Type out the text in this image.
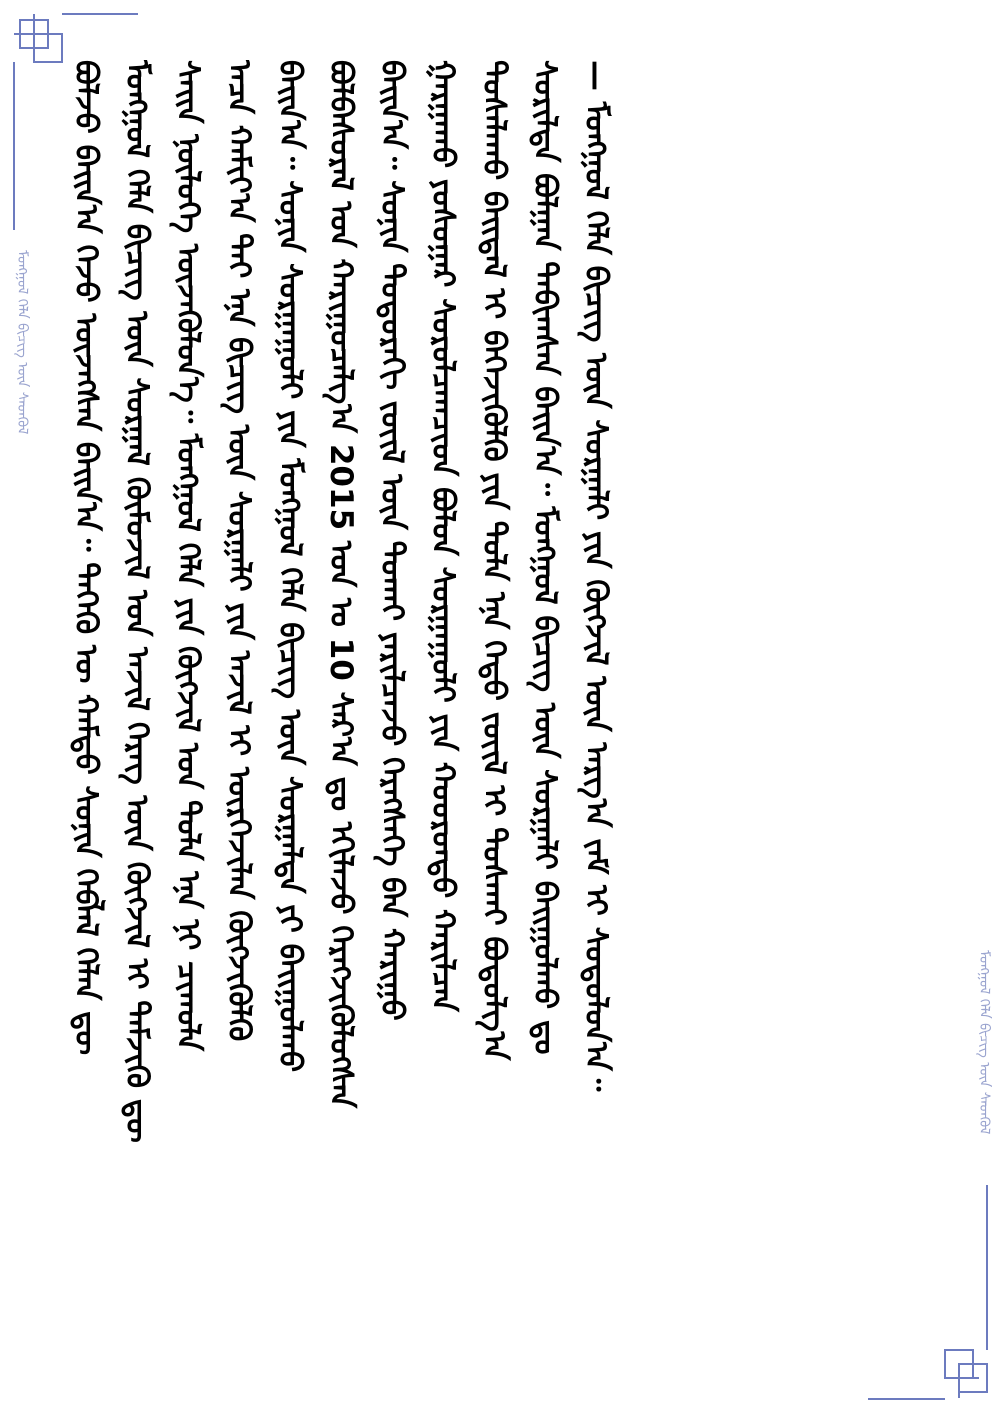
ᠮᠣᠩᠭᠤᠯ ᠬᠡᠯᠡ ᠪᠢᠴᠢᠭ ᠦᠨ ᠰᠡᠳᠬᠦᠯ
ᠮᠣᠩᠭᠤᠯ ᠬᠡᠯᠡ ᠪᠢᠴᠢᠭ ᠦᠨ ᠰᠡᠳᠬᠦᠯ
ᠪᠣᠯᠵᠤ ᠪᠠᠢᠨ᠎ᠠ ᠭᠡᠵᠦ ᠦᠵᠡᠭᠰᠡᠨ ᠪᠠᠢᠨ᠎ᠠ᠃ ᠲᠡᠭᠡᠬᠦ ᠦ ᠬᠠᠮᠲᠤ ᠰᠣᠨᠢᠨ ᠬᠡᠪᠯᠡᠯ ᠬᠡᠯᠡᠨ ᠳᠦ ᠮᠣᠩᠭᠤᠯ ᠬᠡᠯᠡ ᠪᠢᠴᠢᠭ ᠦᠨ ᠰᠤᠷᠭᠠᠯ ᠬᠦᠮᠦᠵᠢᠯ ᠤᠨ ᠠᠵᠢᠯ ᠬᠡᠷᠡᠭ ᠦᠨ ᠬᠥᠭᠵᠢᠯ ᠢ ᠳᠡᠮᠵᠢᠬᠦ ᠳᠦ ᠰᠠᠢᠨ ᠨᠥᠯᠦᠭᠡ ᠦᠵᠡᠭᠦᠯᠦᠨ᠎ᠡ᠃ ᠮᠣᠩᠭᠤᠯ ᠬᠡᠯᠡ ᠶᠢᠨ ᠬᠥᠭᠵᠢᠯ ᠤᠨ ᠲᠤᠯᠠ ᠡᠨᠡ ᠨᠢ ᠴᠢᠬᠤᠯᠠ ᠠᠴᠠ ᠬᠠᠮᠢᠶ᠎ᠠ ᠲᠠᠢ ᠡᠨᠡ ᠪᠢᠴᠢᠭ ᠦᠨ ᠰᠤᠷᠭᠠᠯᠢ ᠶᠢᠨ ᠠᠵᠢᠯ ᠢ ᠦᠷᠭᠡᠵᠢᠯᠡᠨ ᠬᠦᠭᠵᠢᠭᠦᠯᠬᠦ ᠪᠠᠢᠨ᠎ᠠ᠃ ᠰᠣᠨᠢᠨ ᠰᠤᠷᠭᠠᠭᠤᠯᠢ ᠶᠢᠨ ᠮᠣᠩᠭᠤᠯ ᠬᠡᠯᠡ ᠪᠢᠴᠢᠭ ᠦᠨ ᠰᠤᠷᠭᠠᠯᠲᠠ ᠶᠢ ᠪᠠᠢᠭᠤᠯᠬᠤ ᠪᠣᠯᠪᠠᠰᠤᠷᠠᠯ ᠤᠨ ᠬᠠᠷᠢᠭᠤᠴᠠᠯᠭ᠎ᠠ 2015 ᠣᠨ ᠤ 10 ᠰᠠᠷ᠎ᠠ ᠳᠤ ᠡᠬᠢᠯᠡᠵᠦ ᠬᠡᠷᠡᠭᠵᠢᠭᠦᠯᠦᠭᠰᠡᠨ ᠪᠠᠢᠨ᠎ᠠ᠃ ᠰᠣᠨᠢᠨ ᠳᠣᠲᠣᠷᠠᠬᠢ ᠵᠦᠢᠯ ᠦᠨ ᠲᠤᠬᠠᠢ ᠶᠠᠷᠢᠯᠴᠠᠵᠤ ᠬᠡᠷᠡᠭᠰᠡᠭᠡ ᠪᠡᠨ ᠬᠠᠷᠢᠭᠤ ᠭᠠᠷᠭᠠᠬᠤ ᠶᠣᠰᠣᠭᠠᠷ ᠰᠤᠷᠤᠯᠴᠠᠭᠴᠢᠳ ᠪᠣᠯᠤᠨ ᠰᠤᠷᠭᠠᠭᠤᠯᠢ ᠶᠢᠨ ᠬᠣᠣᠷᠣᠨᠳᠤ ᠬᠠᠷᠢᠯᠴᠠᠨ ᠲᠤᠰᠠᠯᠠᠬᠤ ᠪᠠᠢᠳᠠᠯ ᠢ ᠪᠡᠬᠡᠵᠢᠭᠦᠯᠬᠦ ᠶᠢᠨ ᠲᠤᠯᠠ ᠡᠨᠡ ᠬᠡᠳᠦ ᠵᠦᠢᠯ ᠢ ᠲᠤᠰᠬᠠᠢ ᠪᠣᠳᠣᠯᠭ᠎ᠠ ᠰᠣᠷᠢᠯᠲᠠ ᠪᠣᠯᠭᠠᠨ ᠲᠠᠪᠢᠭᠰᠠᠨ ᠪᠠᠢᠨ᠎ᠠ᠃ ᠮᠣᠩᠭᠤᠯ ᠪᠢᠴᠢᠭ ᠦᠨ ᠰᠤᠷᠭᠠᠯᠢ ᠪᠠᠢᠭᠤᠯᠬᠤ ᠳᠤ — ᠮᠣᠩᠭᠤᠯ ᠬᠡᠯᠡ ᠪᠢᠴᠢᠭ ᠦᠨ ᠰᠤᠷᠭᠠᠯᠢ ᠶᠢᠨ ᠬᠥᠭᠵᠢᠯ ᠦᠨ ᠠᠷᠭ᠎ᠠ ᠵᠠᠮ ᠢ ᠰᠤᠳᠤᠯᠤᠨ᠎ᠠ᠃
